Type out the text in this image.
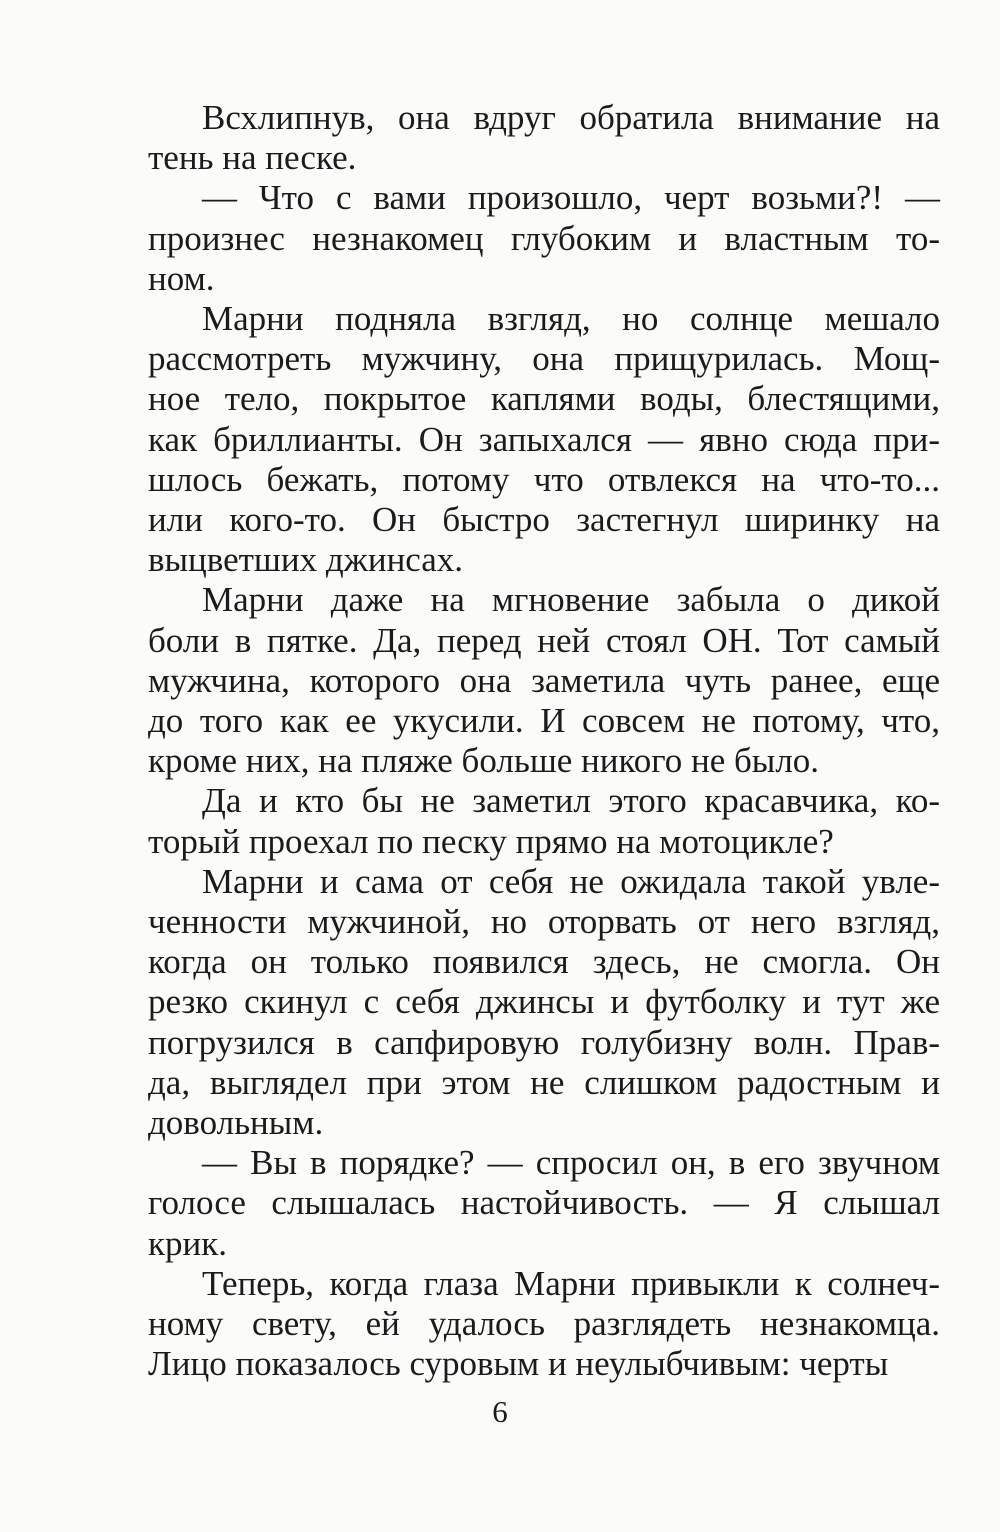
Всхлипнув, она вдруг обратила внимание на
тень на песке.
— Что с вами произошло, черт возьми?! —
произнес незнакомец глубоким и властным то-
ном.
Марни подняла взгляд, но солнце мешало
рассмотреть мужчину, она прищурилась. Мощ-
ное тело, покрытое каплями воды, блестящими,
как бриллианты. Он запыхался — явно сюда при-
шлось бежать, потому что отвлекся на что-то...
или кого-то. Он быстро застегнул ширинку на
выцветших джинсах.
Марни даже на мгновение забыла о дикой
боли в пятке. Да, перед ней стоял ОН. Тот самый
мужчина, которого она заметила чуть ранее, еще
до того как ее укусили. И совсем не потому, что,
кроме них, на пляже больше никого не было.
Да и кто бы не заметил этого красавчика, ко-
торый проехал по песку прямо на мотоцикле?
Марни и сама от себя не ожидала такой увле-
ченности мужчиной, но оторвать от него взгляд,
когда он только появился здесь, не смогла. Он
резко скинул с себя джинсы и футболку и тут же
погрузился в сапфировую голубизну волн. Прав-
да, выглядел при этом не слишком радостным и
довольным.
— Вы в порядке? — спросил он, в его звучном
голосе слышалась настойчивость. — Я слышал
крик.
Теперь, когда глаза Марни привыкли к солнеч-
ному свету, ей удалось разглядеть незнакомца.
Лицо показалось суровым и неулыбчивым: черты
6
